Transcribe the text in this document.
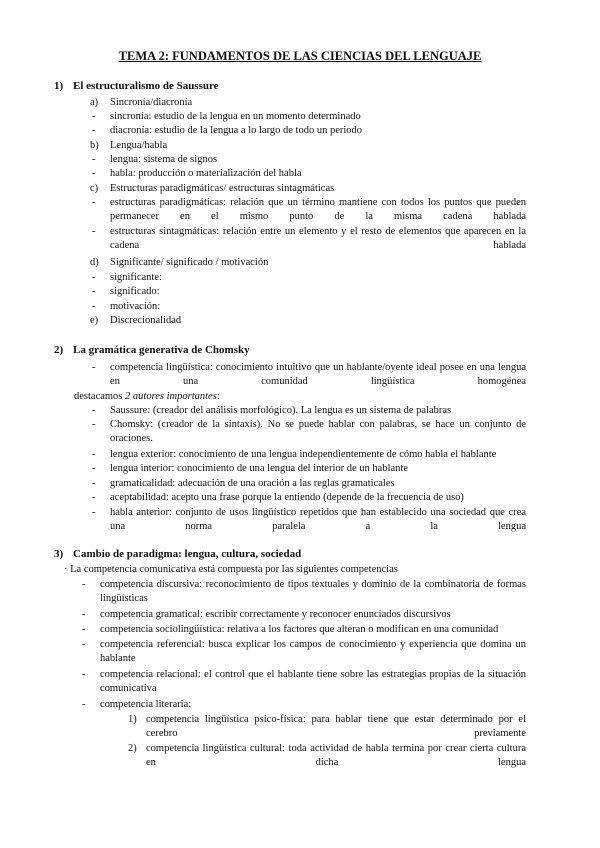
TEMA 2: FUNDAMENTOS DE LAS CIENCIAS DEL LENGUAJE
1) El estructuralismo de Saussure
a) Sincronía/diacronía
- sincronía: estudio de la lengua en un momento determinado
- diacronía: estudio de la lengua a lo largo de todo un periodo
b) Lengua/habla
- lengua: sistema de signos
- habla: producción o materialización del habla
c) Estructuras paradigmáticas/ estructuras sintagmáticas
- estructuras paradigmáticas: relación que un término mantiene con todos los puntos que pueden permanecer en el mismo punto de la misma cadena hablada
- estructuras sintagmáticas: relación entre un elemento y el resto de elementos que aparecen en la cadena hablada
d) Significante/ significado / motivación
- significante:
- significado:
- motivación:
e) Discrecionalidad
2) La gramática generativa de Chomsky
- competencia lingüística: conocimiento intuitivo que un hablante/oyente ideal posee en una lengua en una comunidad lingüística homogénea
destacamos 2 autores importantes:
- Saussure: (creador del análisis morfológico). La lengua es un sistema de palabras
- Chomsky: (creador de la sintaxis). No se puede hablar con palabras, se hace un conjunto de oraciones.
- lengua exterior: conocimiento de una lengua independientemente de cómo habla el hablante
- lengua interior: conocimiento de una lengua del interior de un hablante
- gramaticalidad: adecuación de una oración a las reglas gramaticales
- aceptabilidad: acepto una frase porque la entiendo (depende de la frecuencia de uso)
- habla anterior: conjunto de usos lingüístico repetidos que han establecido una sociedad que crea una norma paralela a la lengua
3) Cambio de paradigma: lengua, cultura, sociedad
· La competencia comunicativa está compuesta por las siguientes competencias
- competencia discursiva: reconocimiento de tipos textuales y dominio de la combinatoria de formas lingüísticas
- competencia gramatical: escribir correctamente y reconocer enunciados discursivos
- competencia sociolingüística: relativa a los factores que alteran o modifican en una comunidad
- competencia referencial: busca explicar los campos de conocimiento y experiencia que domina un hablante
- competencia relacional: el control que el hablante tiene sobre las estrategias propias de la situación comunicativa
- competencia literaria:
1) competencia lingüística psico-física: para hablar tiene que estar determinado por el cerebro previamente
2) competencia lingüística cultural: toda actividad de habla termina por crear cierta cultura en dicha lengua
